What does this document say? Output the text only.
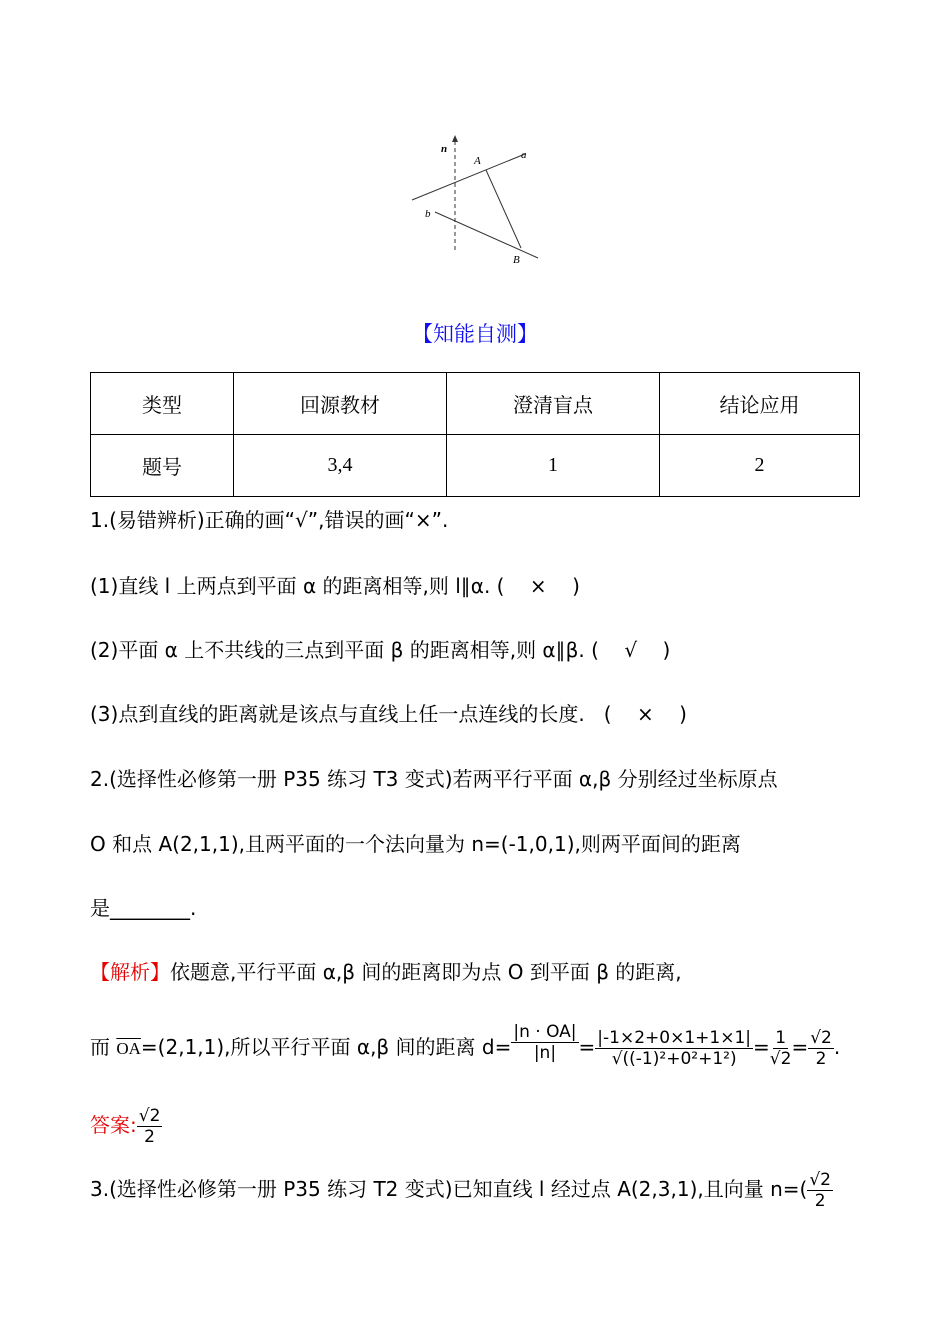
n
A	a
b
B
【知能自测】
类型	回源教材	澄清盲点	结论应用
题号	3,4	1	2
1.(易错辨析)正确的画“√”,错误的画“×”.
(1)直线 l 上两点到平面 α 的距离相等,则 l∥α. (    ×    )
(2)平面 α 上不共线的三点到平面 β 的距离相等,则 α∥β. (    √    )
(3)点到直线的距离就是该点与直线上任一点连线的长度. (    ×    )
2.(选择性必修第一册 P35 练习 T3 变式)若两平行平面 α,β 分别经过坐标原点
O 和点 A(2,1,1),且两平面的一个法向量为 n=(-1,0,1),则两平面间的距离
是________.
【解析】依题意,平行平面 α,β 间的距离即为点 O 到平面 β 的距离,
而 $\overline{OA}=(2,1,1)$,所以平行平面 α,β 间的距离 $d= \frac{|n \cdot OA|}{|n|} = \frac{|-1\times 2+0\times 1+1\times 1|}{\text{√((-1)²+0²+1²)}} = \frac{1}{√2} = \frac{√2}{2}$ .
答案: $\frac{√2}{2}$
3.(选择性必修第一册 P35 练习 T2 变式)已知直线 l 经过点 A(2,3,1),且向量 $n=( \frac{√2}{2}$
